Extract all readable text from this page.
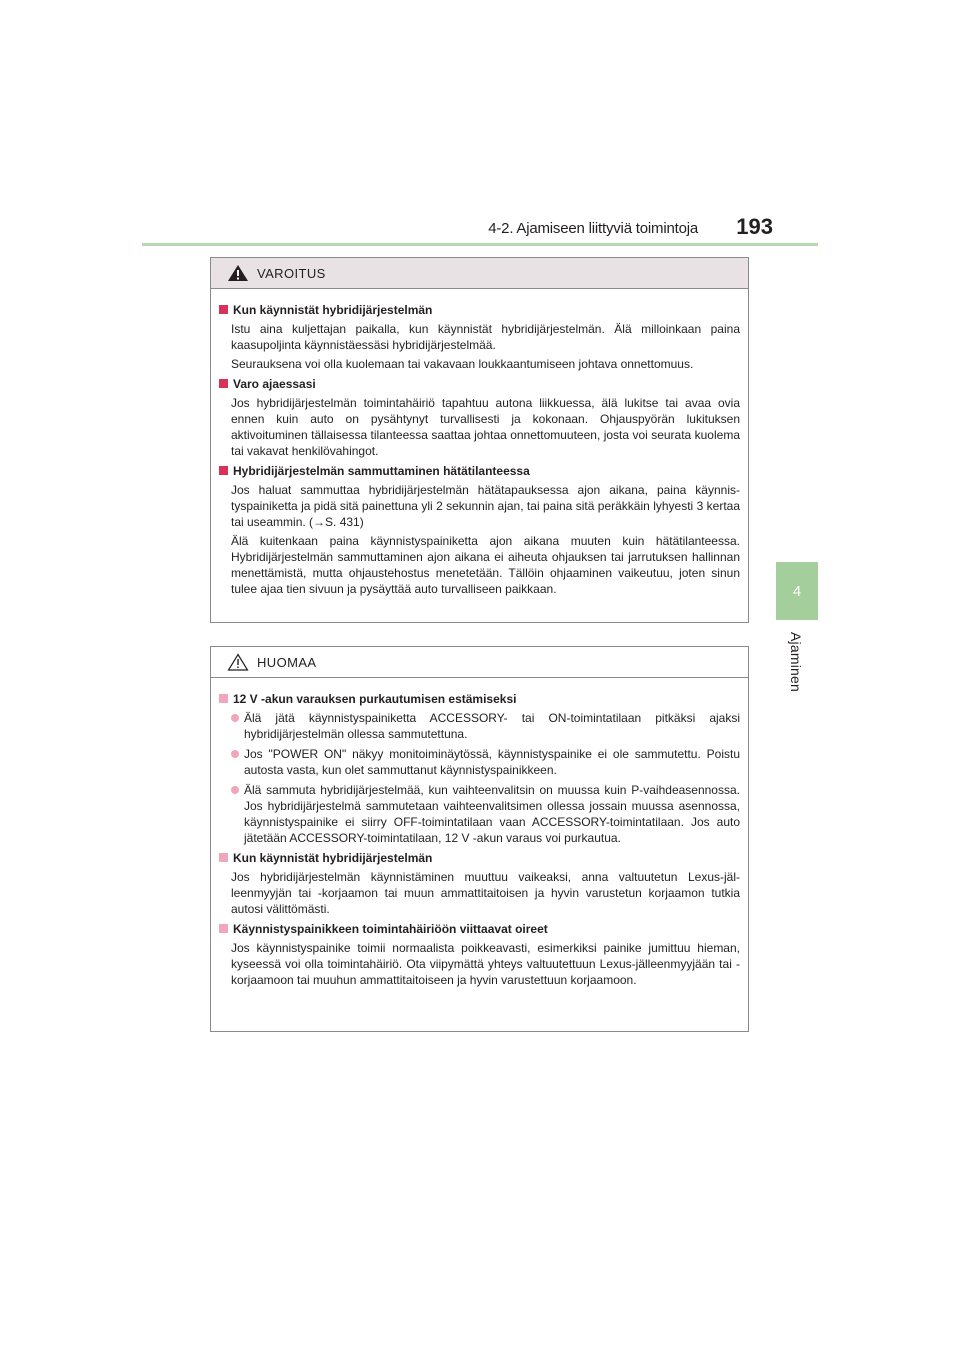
4-2. Ajamiseen liittyviä toimintoja 193
4
Ajaminen
VAROITUS
Kun käynnistät hybridijärjestelmän

Istu aina kuljettajan paikalla, kun käynnistät hybridijärjestelmän. Älä milloinkaan paina kaasupoljinta käynnistäessäsi hybridijärjestelmää.

Seurauksena voi olla kuolemaan tai vakavaan loukkaantumiseen johtava onnettomuus.

Varo ajaessasi

Jos hybridijärjestelmän toimintahäiriö tapahtuu autona liikkuessa, älä lukitse tai avaa ovia ennen kuin auto on pysähtynyt turvallisesti ja kokonaan. Ohjauspyörän lukituksen aktivoituminen tällaisessa tilanteessa saattaa johtaa onnettomuuteen, josta voi seurata kuolema tai vakavat henkilövahingot.

Hybridijärjestelmän sammuttaminen hätätilanteessa

Jos haluat sammuttaa hybridijärjestelmän hätätapauksessa ajon aikana, paina käynnistyspainiketta ja pidä sitä painettuna yli 2 sekunnin ajan, tai paina sitä peräkkäin lyhyesti 3 kertaa tai useammin. (→S. 431)

Älä kuitenkaan paina käynnistyspainiketta ajon aikana muuten kuin hätätilanteessa. Hybridijärjestelmän sammuttaminen ajon aikana ei aiheuta ohjauksen tai jarrutuksen hallinnan menettämistä, mutta ohjaustehostus menetetään. Tällöin ohjaaminen vaikeutuu, joten sinun tulee ajaa tien sivuun ja pysäyttää auto turvalliseen paikkaan.

HUOMAA
12 V -akun varauksen purkautumisen estämiseksi
Älä jätä käynnistyspainiketta ACCESSORY- tai ON-toimintatilaan pitkäksi ajaksi hybridijärjestelmän ollessa sammutettuna.
Jos "POWER ON" näkyy monitoiminäytössä, käynnistyspainike ei ole sammutettu. Poistu autosta vasta, kun olet sammuttanut käynnistyspainikkeen.
Älä sammuta hybridijärjestelmää, kun vaihteenvalitsin on muussa kuin P-vaihdeasennossa. Jos hybridijärjestelmä sammutetaan vaihteenvalitsimen ollessa jossain muussa asennossa, käynnistyspainike ei siirry OFF-toimintatilaan vaan ACCESSORY-toimintatilaan. Jos auto jätetään ACCESSORY-toimintatilaan, 12 V -akun varaus voi purkautua.
Kun käynnistät hybridijärjestelmän

Jos hybridijärjestelmän käynnistäminen muuttuu vaikeaksi, anna valtuutetun Lexus-jälleenmyyjän tai -korjaamon tai muun ammattitaitoisen ja hyvin varustetun korjaamon tutkia autosi välittömästi.

Käynnistyspainikkeen toimintahäiriöön viittaavat oireet

Jos käynnistyspainike toimii normaalista poikkeavasti, esimerkiksi painike jumittuu hieman, kyseessä voi olla toimintahäiriö. Ota viipymättä yhteys valtuutettuun Lexus-jälleenmyyjään tai -korjaamoon tai muuhun ammattitaitoiseen ja hyvin varustettuun korjaamoon.
